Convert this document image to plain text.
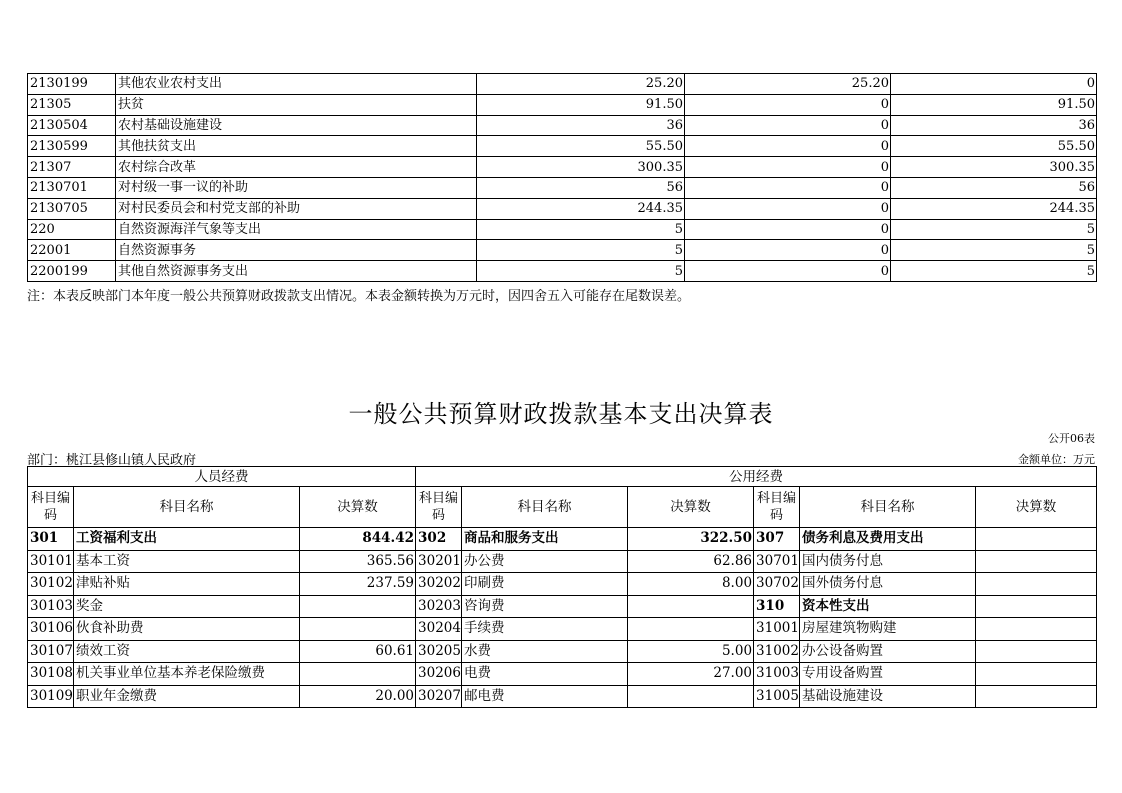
2130199	其他农业农村支出	25.20	25.20	0
21305	扶贫	91.50	0	91.50
2130504	农村基础设施建设	36	0	36
2130599	其他扶贫支出	55.50	0	55.50
21307	农村综合改革	300.35	0	300.35
2130701	对村级一事一议的补助	56	0	56
2130705	对村民委员会和村党支部的补助	244.35	0	244.35
220	自然资源海洋气象等支出	5	0	5
22001	自然资源事务	5	0	5
2200199	其他自然资源事务支出	5	0	5
注：本表反映部门本年度一般公共预算财政拨款支出情况。本表金额转换为万元时，因四舍五入可能存在尾数误差。
一般公共预算财政拨款基本支出决算表
公开06表
部门：桃江县修山镇人民政府	金额单位：万元
人员经费			公用经费					
科目编码	科目名称	决算数	科目编码	科目名称	决算数	科目编码	科目名称	决算数
301	工资福利支出	844.42	302	商品和服务支出	322.50	307	债务利息及费用支出	
30101	基本工资	365.56	30201	办公费	62.86	30701	国内债务付息	
30102	津贴补贴	237.59	30202	印刷费	8.00	30702	国外债务付息	
30103	奖金		30203	咨询费		310	资本性支出	
30106	伙食补助费		30204	手续费		31001	房屋建筑物购建	
30107	绩效工资	60.61	30205	水费	5.00	31002	办公设备购置	
30108	机关事业单位基本养老保险缴费		30206	电费	27.00	31003	专用设备购置	
30109	职业年金缴费	20.00	30207	邮电费		31005	基础设施建设	
